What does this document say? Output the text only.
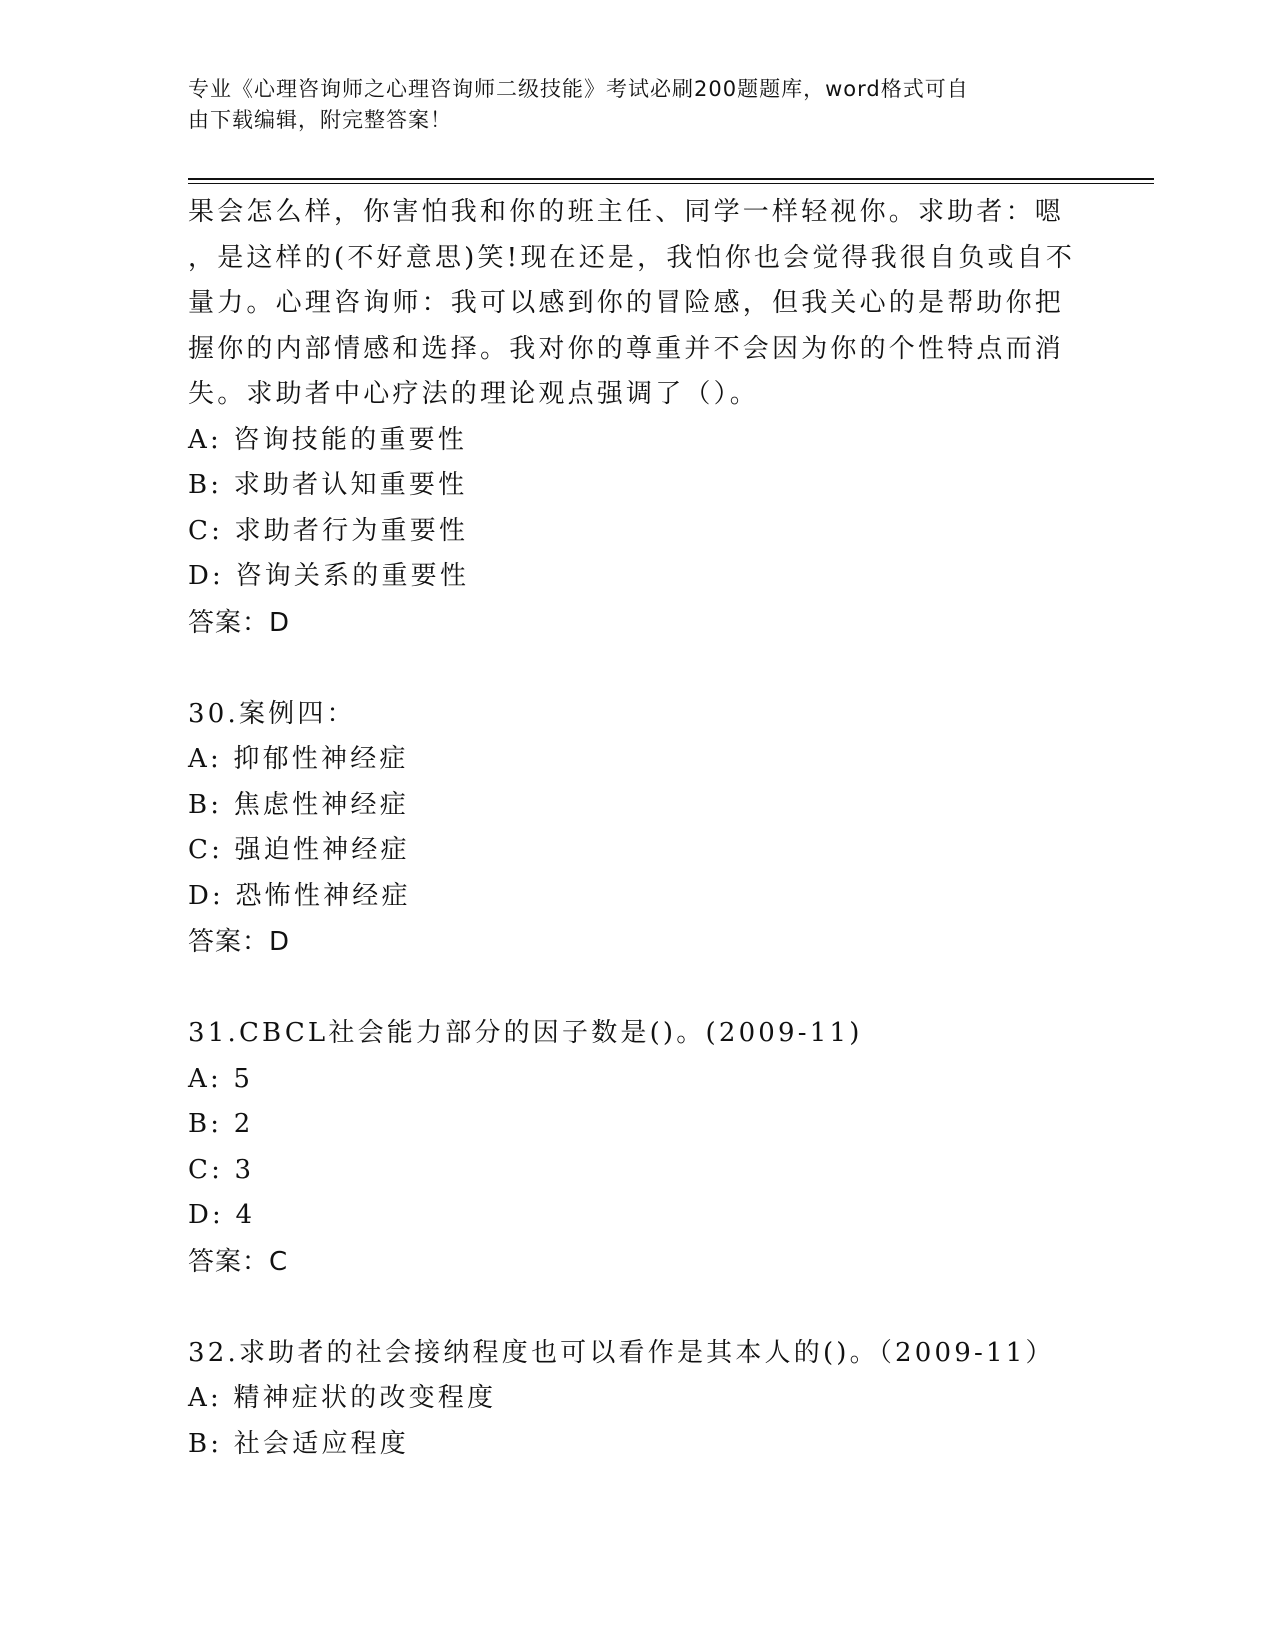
专业《心理咨询师之心理咨询师二级技能》考试必刷200题题库，word格式可自
由下载编辑，附完整答案！
果会怎么样，你害怕我和你的班主任、同学一样轻视你。求助者：嗯
，是这样的(不好意思)笑!现在还是，我怕你也会觉得我很自负或自不
量力。心理咨询师：我可以感到你的冒险感，但我关心的是帮助你把
握你的内部情感和选择。我对你的尊重并不会因为你的个性特点而消
失。求助者中心疗法的理论观点强调了（）。
A: 咨询技能的重要性
B: 求助者认知重要性
C: 求助者行为重要性
D: 咨询关系的重要性
答案：D
30.案例四：
A: 抑郁性神经症
B: 焦虑性神经症
C: 强迫性神经症
D: 恐怖性神经症
答案：D
31.CBCL社会能力部分的因子数是()。(2009-11)
A: 5
B: 2
C: 3
D: 4
答案：C
32.求助者的社会接纳程度也可以看作是其本人的()。（2009-11）
A: 精神症状的改变程度
B: 社会适应程度
